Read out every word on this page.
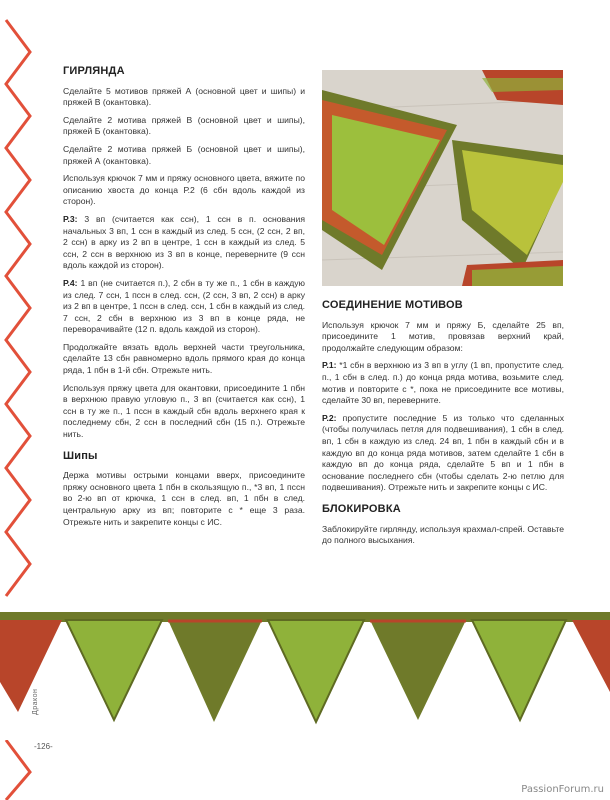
ГИРЛЯНДА

Сделайте 5 мотивов пряжей А (основной цвет и шипы) и пряжей В (окантовка).

Сделайте 2 мотива пряжей В (основной цвет и шипы), пряжей Б (окантовка).

Сделайте 2 мотива пряжей Б (основной цвет и шипы), пряжей А (окантовка).

Используя крючок 7 мм и пряжу основного цвета, вяжите по описанию хвоста до конца Р.2 (6 сбн вдоль каждой из сторон).

Р.3: 3 вп (считается как ссн), 1 ссн в п. основания начальных 3 вп, 1 ссн в каждый из след. 5 ссн, (2 ссн, 2 вп, 2 ссн) в арку из 2 вп в центре, 1 ссн в каждый из след. 5 ссн, 2 ссн в верхнюю из 3 вп в конце, переверните (9 ссн вдоль каждой из сторон).

Р.4: 1 вп (не считается п.), 2 сбн в ту же п., 1 сбн в каждую из след. 7 ссн, 1 пссн в след. ссн, (2 ссн, 3 вп, 2 ссн) в арку из 2 вп в центре, 1 пссн в след. ссн, 1 сбн в каждый из след. 7 ссн, 2 сбн в верхнюю из 3 вп в конце ряда, не переворачивайте (12 п. вдоль каждой из сторон).

Продолжайте вязать вдоль верхней части треугольника, сделайте 13 сбн равномерно вдоль прямого края до конца ряда, 1 пбн в 1-й сбн. Отрежьте нить.

Используя пряжу цвета для окантовки, присоедините 1 пбн в верхнюю правую угловую п., 3 вп (считается как ссн), 1 ссн в ту же п., 1 пссн в каждый сбн вдоль верхнего края к последнему сбн, 2 ссн в последний сбн (15 п.). Отрежьте нить.

Шипы

Держа мотивы острыми концами вверх, присоедините пряжу основного цвета 1 пбн в скользящую п., *3 вп, 1 пссн во 2-ю вп от крючка, 1 ссн в след. вп, 1 пбн в след. центральную арку из вп; повторите с * еще 3 раза. Отрежьте нить и закрепите концы с ИС.

СОЕДИНЕНИЕ МОТИВОВ

Используя крючок 7 мм и пряжу Б, сделайте 25 вп, присоедините 1 мотив, провязав верхний край, продолжайте следующим образом:

Р.1: *1 сбн в верхнюю из 3 вп в углу (1 вп, пропустите след. п., 1 сбн в след. п.) до конца ряда мотива, возьмите след. мотив и повторите с *, пока не присоедините все мотивы, сделайте 30 вп, переверните.

Р.2: пропустите последние 5 из только что сделанных (чтобы получилась петля для подвешивания), 1 сбн в след. вп, 1 сбн в каждую из след. 24 вп, 1 пбн в каждый сбн и в каждую вп до конца ряда мотивов, затем сделайте 1 сбн в каждую вп до конца ряда, сделайте 5 вп и 1 пбн в основание последнего сбн (чтобы сделать 2-ю петлю для подвешивания). Отрежьте нить и закрепите концы с ИС.

БЛОКИРОВКА

Заблокируйте гирлянду, используя крахмал-спрей. Оставьте до полного высыхания.

Дракон
-126-
PassionForum.ru
